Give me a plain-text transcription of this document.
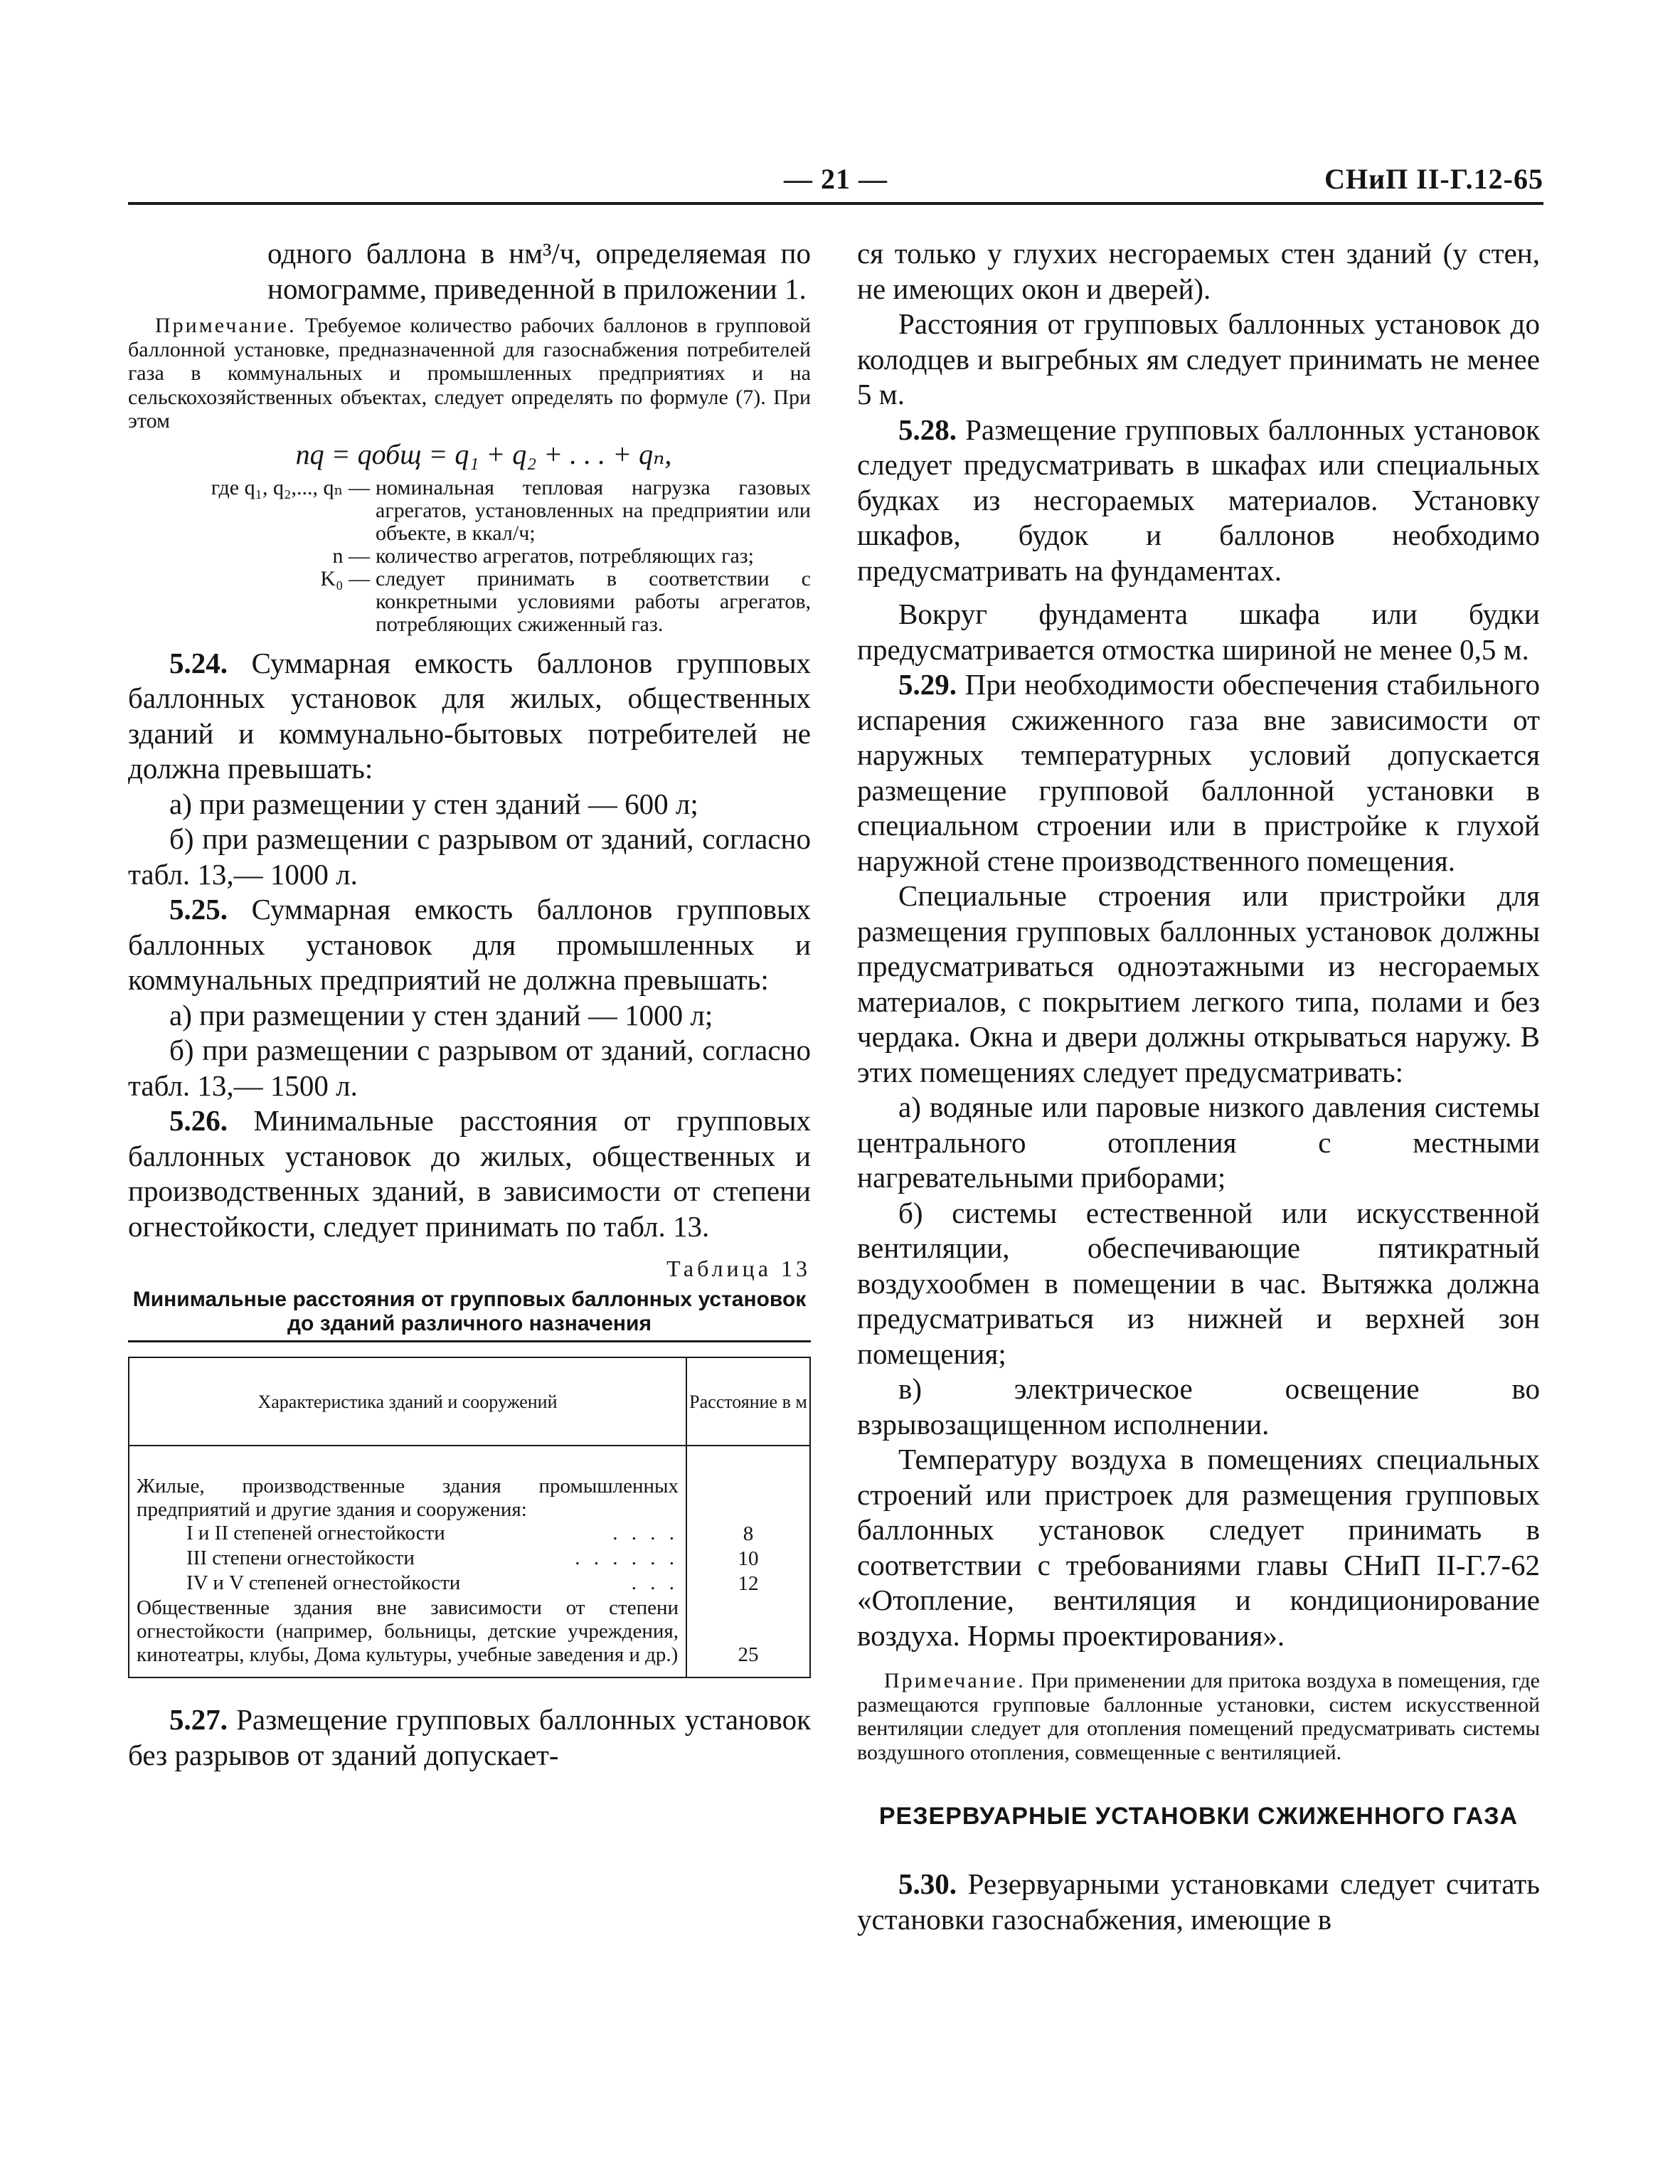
— 21 —	СНиП II-Г.12-65

одного баллона в нм³/ч, определяемая по номограмме, приведенной в приложении 1.

Примечание. Требуемое количество рабочих баллонов в групповой баллонной установке, предназначенной для газоснабжения потребителей газа в коммунальных и промышленных предприятиях и на сельскохозяйственных объектах, следует определять по формуле (7). При этом

nq = qобщ = q₁ + q₂ + . . . + qₙ,
где q₁, q₂,..., qₙ — номинальная тепловая нагрузка газовых агрегатов, установленных на предприятии или объекте, в ккал/ч;
n — количество агрегатов, потребляющих газ;
K₀ — следует принимать в соответствии с конкретными условиями работы агрегатов, потребляющих сжиженный газ.

5.24. Суммарная емкость баллонов групповых баллонных установок для жилых, общественных зданий и коммунально-бытовых потребителей не должна превышать:

а) при размещении у стен зданий — 600 л;

б) при размещении с разрывом от зданий, согласно табл. 13,— 1000 л.

5.25. Суммарная емкость баллонов групповых баллонных установок для промышленных и коммунальных предприятий не должна превышать:

а) при размещении у стен зданий — 1000 л;

б) при размещении с разрывом от зданий, согласно табл. 13,— 1500 л.

5.26. Минимальные расстояния от групповых баллонных установок до жилых, общественных и производственных зданий, в зависимости от степени огнестойкости, следует принимать по табл. 13.

Таблица 13
Минимальные расстояния от групповых баллонных установок до зданий различного назначения
Характеристика зданий и сооружений	Расстояние в м
Жилые, производственные здания промышленных предприятий и другие здания и сооружения:	

I и II степеней огнестойкости . . . .	8

III степени огнестойкости . . . . . .	10

IV и V степеней огнестойкости . . .	12
Общественные здания вне зависимости от степени огнестойкости (например, больницы, детские учреждения, кинотеатры, клубы, Дома культуры, учебные заведения и др.)	25

5.27. Размещение групповых баллонных установок без разрывов от зданий допускает-

ся только у глухих несгораемых стен зданий (у стен, не имеющих окон и дверей).

Расстояния от групповых баллонных установок до колодцев и выгребных ям следует принимать не менее 5 м.

5.28. Размещение групповых баллонных установок следует предусматривать в шкафах или специальных будках из несгораемых материалов. Установку шкафов, будок и баллонов необходимо предусматривать на фундаментах.

Вокруг фундамента шкафа или будки предусматривается отмостка шириной не менее 0,5 м.

5.29. При необходимости обеспечения стабильного испарения сжиженного газа вне зависимости от наружных температурных условий допускается размещение групповой баллонной установки в специальном строении или в пристройке к глухой наружной стене производственного помещения.

Специальные строения или пристройки для размещения групповых баллонных установок должны предусматриваться одноэтажными из несгораемых материалов, с покрытием легкого типа, полами и без чердака. Окна и двери должны открываться наружу. В этих помещениях следует предусматривать:

а) водяные или паровые низкого давления системы центрального отопления с местными нагревательными приборами;

б) системы естественной или искусственной вентиляции, обеспечивающие пятикратный воздухообмен в помещении в час. Вытяжка должна предусматриваться из нижней и верхней зон помещения;

в) электрическое освещение во взрывозащищенном исполнении.

Температуру воздуха в помещениях специальных строений или пристроек для размещения групповых баллонных установок следует принимать в соответствии с требованиями главы СНиП II-Г.7-62 «Отопление, вентиляция и кондиционирование воздуха. Нормы проектирования».

Примечание. При применении для притока воздуха в помещения, где размещаются групповые баллонные установки, систем искусственной вентиляции следует для отопления помещений предусматривать системы воздушного отопления, совмещенные с вентиляцией.

РЕЗЕРВУАРНЫЕ УСТАНОВКИ СЖИЖЕННОГО ГАЗА

5.30. Резервуарными установками следует считать установки газоснабжения, имеющие в
